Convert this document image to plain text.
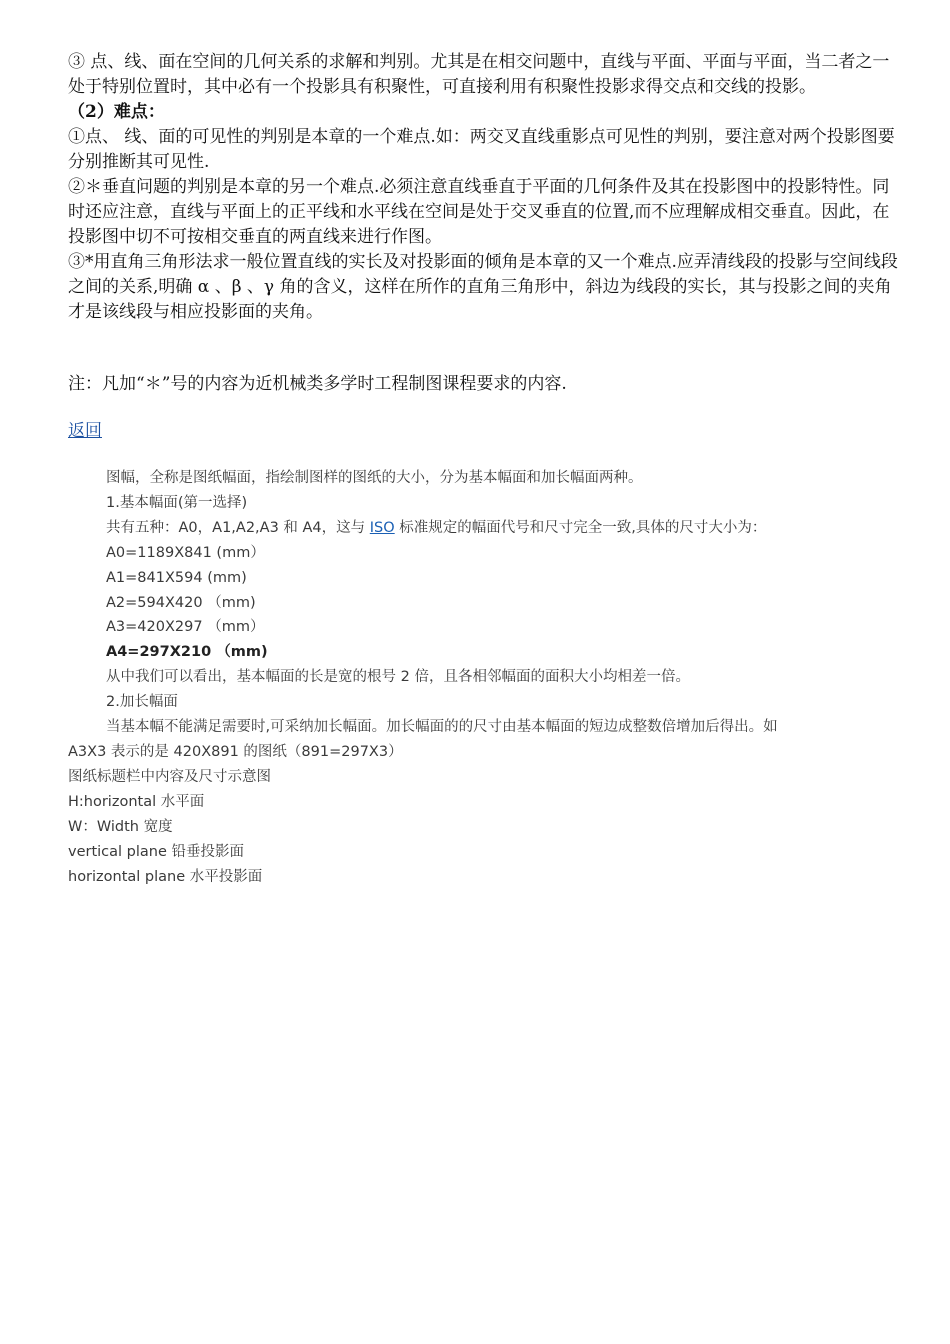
③ 点、线、面在空间的几何关系的求解和判别。尤其是在相交问题中，直线与平面、平面与平面，当二者之一处于特别位置时，其中必有一个投影具有积聚性，可直接利用有积聚性投影求得交点和交线的投影。

（2）难点：

①点、 线、面的可见性的判别是本章的一个难点.如：两交叉直线重影点可见性的判别，要注意对两个投影图要分别推断其可见性.

②＊垂直问题的判别是本章的另一个难点.必须注意直线垂直于平面的几何条件及其在投影图中的投影特性。同时还应注意，直线与平面上的正平线和水平线在空间是处于交叉垂直的位置,而不应理解成相交垂直。因此，在投影图中切不可按相交垂直的两直线来进行作图。

③*用直角三角形法求一般位置直线的实长及对投影面的倾角是本章的又一个难点.应弄清线段的投影与空间线段之间的关系,明确 α 、β 、γ 角的含义，这样在所作的直角三角形中，斜边为线段的实长，其与投影之间的夹角才是该线段与相应投影面的夹角。

注：凡加“＊”号的内容为近机械类多学时工程制图课程要求的内容.

返回

图幅，全称是图纸幅面，指绘制图样的图纸的大小，分为基本幅面和加长幅面两种。

1.基本幅面(第一选择)

共有五种：A0，A1,A2,A3 和 A4，这与 ISO 标准规定的幅面代号和尺寸完全一致,具体的尺寸大小为：

A0=1189X841 (mm）

A1=841X594 (mm)

A2=594X420 （mm)

A3=420X297 （mm）

A4=297X210 （mm)

从中我们可以看出，基本幅面的长是宽的根号 2 倍，且各相邻幅面的面积大小均相差一倍。

2.加长幅面

当基本幅不能满足需要时,可采纳加长幅面。加长幅面的的尺寸由基本幅面的短边成整数倍增加后得出。如

A3X3 表示的是 420X891 的图纸（891=297X3）

图纸标题栏中内容及尺寸示意图

H:horizontal 水平面

W：Width 宽度

vertical plane 铅垂投影面

horizontal plane 水平投影面
